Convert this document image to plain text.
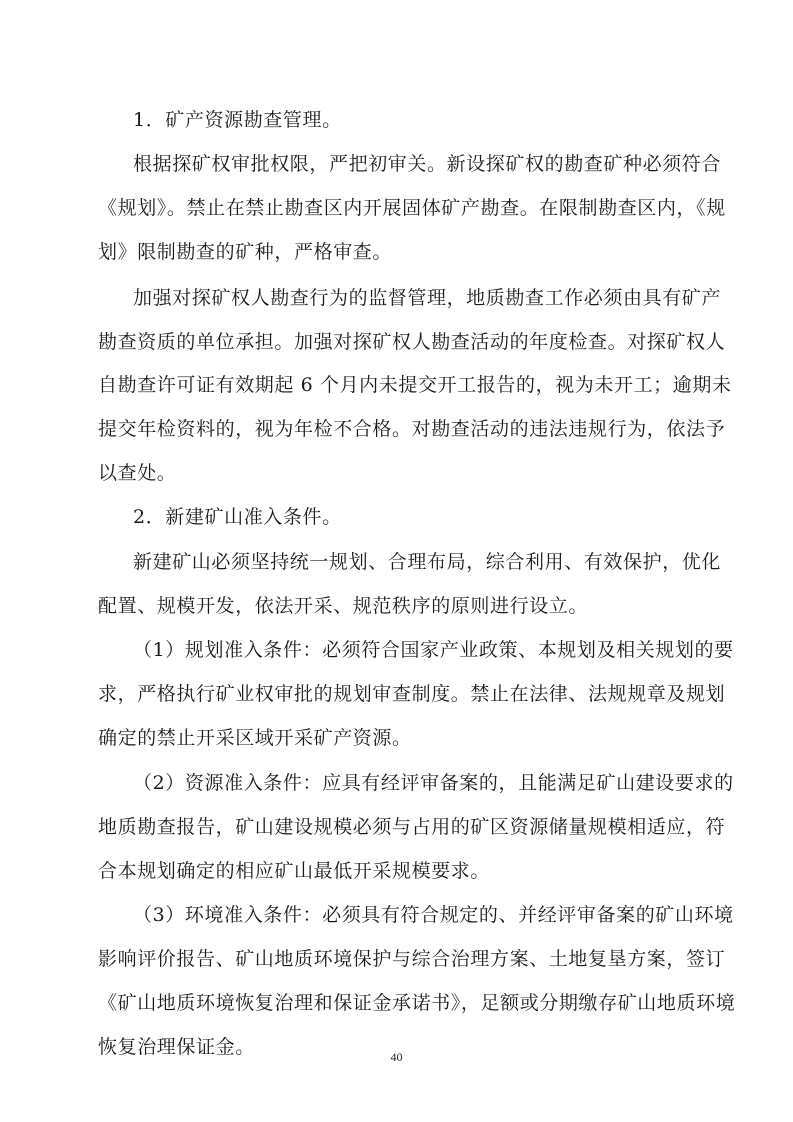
1．矿产资源勘查管理。
根据探矿权审批权限，严把初审关。新设探矿权的勘查矿种必须符合
《规划》。禁止在禁止勘查区内开展固体矿产勘查。在限制勘查区内，《规
划》限制勘查的矿种，严格审查。
加强对探矿权人勘查行为的监督管理，地质勘查工作必须由具有矿产
勘查资质的单位承担。加强对探矿权人勘查活动的年度检查。对探矿权人
自勘查许可证有效期起 6 个月内未提交开工报告的，视为未开工；逾期未
提交年检资料的，视为年检不合格。对勘查活动的违法违规行为，依法予
以查处。
2．新建矿山准入条件。
新建矿山必须坚持统一规划、合理布局，综合利用、有效保护，优化
配置、规模开发，依法开采、规范秩序的原则进行设立。
（1）规划准入条件：必须符合国家产业政策、本规划及相关规划的要
求，严格执行矿业权审批的规划审查制度。禁止在法律、法规规章及规划
确定的禁止开采区域开采矿产资源。
（2）资源准入条件：应具有经评审备案的，且能满足矿山建设要求的
地质勘查报告，矿山建设规模必须与占用的矿区资源储量规模相适应，符
合本规划确定的相应矿山最低开采规模要求。
（3）环境准入条件：必须具有符合规定的、并经评审备案的矿山环境
影响评价报告、矿山地质环境保护与综合治理方案、土地复垦方案，签订
《矿山地质环境恢复治理和保证金承诺书》，足额或分期缴存矿山地质环境
恢复治理保证金。	40
